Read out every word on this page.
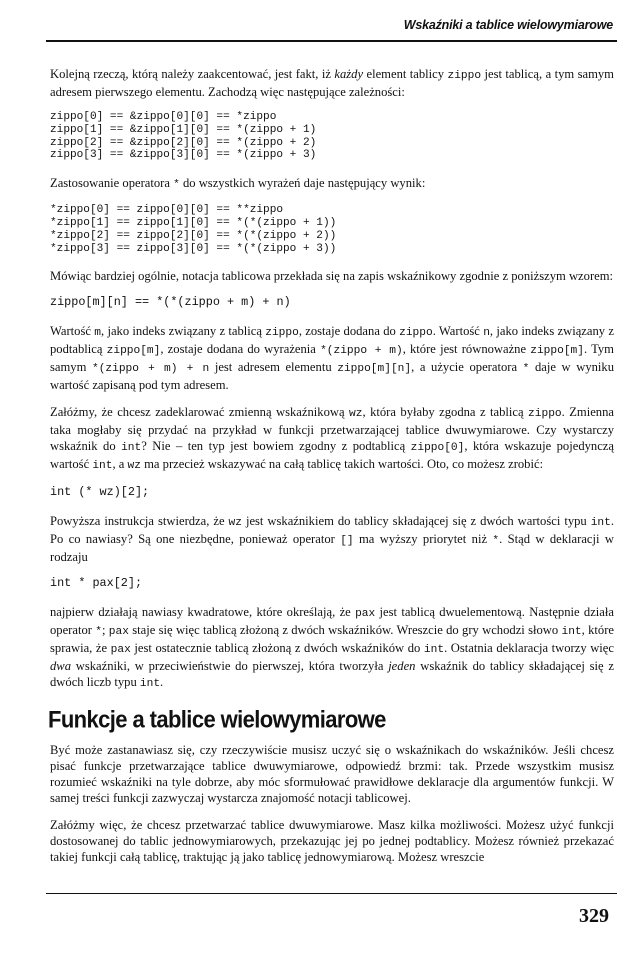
Wskaźniki a tablice wielowymiarowe

Kolejną rzeczą, którą należy zaakcentować, jest fakt, iż każdy element tablicy zippo jest tablicą, a tym samym adresem pierwszego elementu. Zachodzą więc następujące zależności:

zippo[0] == &zippo[0][0] == *zippo
zippo[1] == &zippo[1][0] == *(zippo + 1)
zippo[2] == &zippo[2][0] == *(zippo + 2)
zippo[3] == &zippo[3][0] == *(zippo + 3)

Zastosowanie operatora * do wszystkich wyrażeń daje następujący wynik:

*zippo[0] == zippo[0][0] == **zippo
*zippo[1] == zippo[1][0] == *(*(zippo + 1))
*zippo[2] == zippo[2][0] == *(*(zippo + 2))
*zippo[3] == zippo[3][0] == *(*(zippo + 3))

Mówiąc bardziej ogólnie, notacja tablicowa przekłada się na zapis wskaźnikowy zgodnie z poniższym wzorem:

zippo[m][n] == *(*(zippo + m) + n)

Wartość m, jako indeks związany z tablicą zippo, zostaje dodana do zippo. Wartość n, jako indeks związany z podtablicą zippo[m], zostaje dodana do wyrażenia *(zippo + m), które jest równoważne zippo[m]. Tym samym *(zippo + m) + n jest adresem elementu zippo[m][n], a użycie operatora * daje w wyniku wartość zapisaną pod tym adresem.

Załóżmy, że chcesz zadeklarować zmienną wskaźnikową wz, która byłaby zgodna z tablicą zippo. Zmienna taka mogłaby się przydać na przykład w funkcji przetwarzającej tablice dwuwymiarowe. Czy wystarczy wskaźnik do int? Nie – ten typ jest bowiem zgodny z podtablicą zippo[0], która wskazuje pojedynczą wartość int, a wz ma przecież wskazywać na całą tablicę takich wartości. Oto, co możesz zrobić:

int (* wz)[2];

Powyższa instrukcja stwierdza, że wz jest wskaźnikiem do tablicy składającej się z dwóch wartości typu int. Po co nawiasy? Są one niezbędne, ponieważ operator [] ma wyższy priorytet niż *. Stąd w deklaracji w rodzaju

int * pax[2];

najpierw działają nawiasy kwadratowe, które określają, że pax jest tablicą dwuelementową. Następnie działa operator *; pax staje się więc tablicą złożoną z dwóch wskaźników. Wreszcie do gry wchodzi słowo int, które sprawia, że pax jest ostatecznie tablicą złożoną z dwóch wskaźników do int. Ostatnia deklaracja tworzy więc dwa wskaźniki, w przeciwieństwie do pierwszej, która tworzyła jeden wskaźnik do tablicy składającej się z dwóch liczb typu int.

Funkcje a tablice wielowymiarowe

Być może zastanawiasz się, czy rzeczywiście musisz uczyć się o wskaźnikach do wskaźników. Jeśli chcesz pisać funkcje przetwarzające tablice dwuwymiarowe, odpowiedź brzmi: tak. Przede wszystkim musisz rozumieć wskaźniki na tyle dobrze, aby móc sformułować prawidłowe deklaracje dla argumentów funkcji. W samej treści funkcji zazwyczaj wystarcza znajomość notacji tablicowej.

Załóżmy więc, że chcesz przetwarzać tablice dwuwymiarowe. Masz kilka możliwości. Możesz użyć funkcji dostosowanej do tablic jednowymiarowych, przekazując jej po jednej podtablicy. Możesz również przekazać takiej funkcji całą tablicę, traktując ją jako tablicę jednowymiarową. Możesz wreszcie

329
